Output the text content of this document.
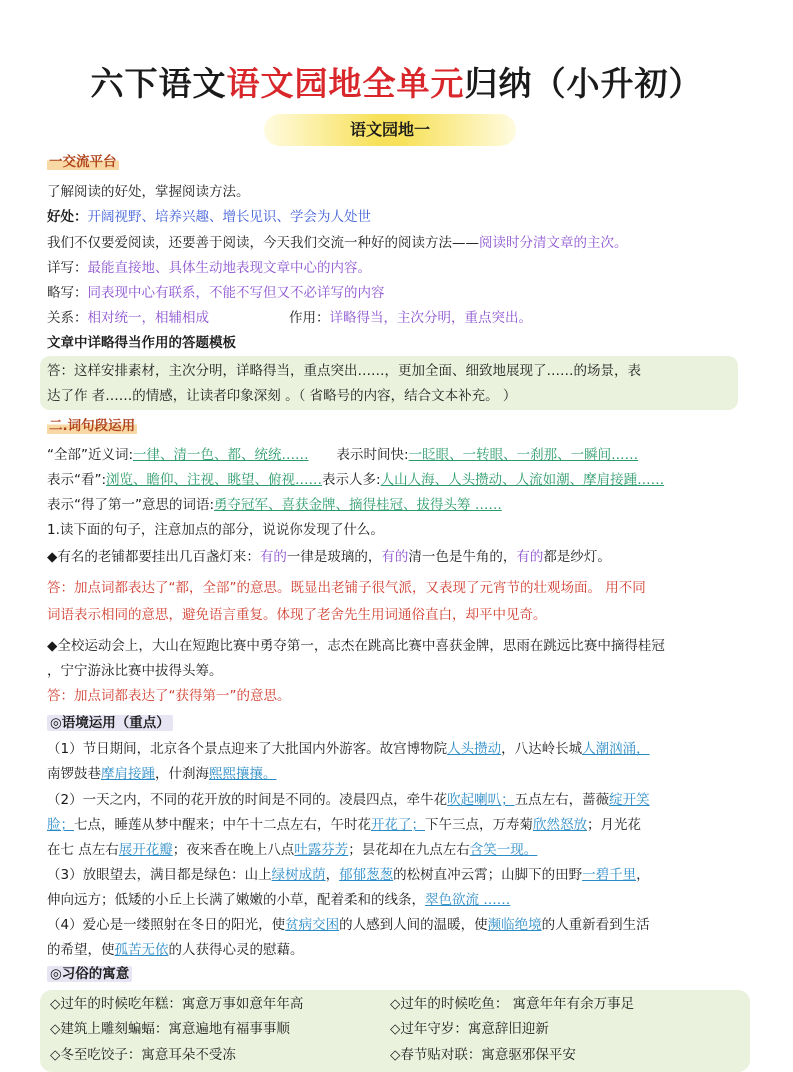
六下语文语文园地全单元归纳（小升初）
语文园地一
一交流平台
了解阅读的好处，掌握阅读方法。
好处：开阔视野、培养兴趣、增长见识、学会为人处世
我们不仅要爱阅读，还要善于阅读，今天我们交流一种好的阅读方法——阅读时分清文章的主次。
详写：最能直接地、具体生动地表现文章中心的内容。
略写：同表现中心有联系，不能不写但又不必详写的内容
关系：相对统一，相辅相成	作用：详略得当，主次分明，重点突出。
文章中详略得当作用的答题模板
答：这样安排素材，主次分明，详略得当，重点突出……，更加全面、细致地展现了……的场景，表
达了作 者……的情感，让读者印象深刻 。（ 省略号的内容，结合文本补充。 ）
二.词句段运用
“全部”近义词:一律、清一色、都、统统…… 表示时间快:一眨眼、一转眼、一刹那、一瞬间……
表示“看”:浏览、瞻仰、注视、眺望、俯视……表示人多:人山人海、人头攒动、人流如潮、摩肩接踵……
表示“得了第一”意思的词语:勇夺冠军、喜获金牌、摘得桂冠、拔得头筹 ……
1.读下面的句子，注意加点的部分，说说你发现了什么。
◆有名的老铺都要挂出几百盏灯来：有的一律是玻璃的，有的清一色是牛角的，有的都是纱灯。
答：加点词都表达了“都，全部”的意思。既显出老铺子很气派，又表现了元宵节的壮观场面。 用不同
词语表示相同的意思，避免语言重复。体现了老舍先生用词通俗直白，却平中见奇。
◆全校运动会上，大山在短跑比赛中勇夺第一，志杰在跳高比赛中喜获金牌，思雨在跳远比赛中摘得桂冠
，宁宁游泳比赛中拔得头筹。
答：加点词都表达了“获得第一”的意思。
◎语境运用（重点）
（1）节日期间，北京各个景点迎来了大批国内外游客。故宫博物院人头攒动，八达岭长城人潮汹涌，
南锣鼓巷摩肩接踵，什刹海熙熙攘攘。
（2）一天之内，不同的花开放的时间是不同的。凌晨四点，牵牛花吹起喇叭；五点左右，蔷薇绽开笑
脸；七点，睡莲从梦中醒来；中午十二点左右，午时花开花了；下午三点，万寿菊欣然怒放；月光花
在七 点左右展开花瓣；夜来香在晚上八点吐露芬芳；昙花却在九点左右含笑一现。
（3）放眼望去，满目都是绿色：山上绿树成荫，郁郁葱葱的松树直冲云霄；山脚下的田野一碧千里，
伸向远方；低矮的小丘上长满了嫩嫩的小草，配着柔和的线条，翠色欲流 ……
（4）爱心是一缕照射在冬日的阳光，使贫病交困的人感到人间的温暖，使濒临绝境的人重新看到生活
的希望，使孤苦无依的人获得心灵的慰藉。
◎习俗的寓意
◇过年的时候吃年糕：寓意万事如意年年高	◇过年的时候吃鱼： 寓意年年有余万事足
◇建筑上雕刻蝙蝠：寓意遍地有福事事顺	◇过年守岁：寓意辞旧迎新
◇冬至吃饺子：寓意耳朵不受冻	◇春节贴对联：寓意驱邪保平安
